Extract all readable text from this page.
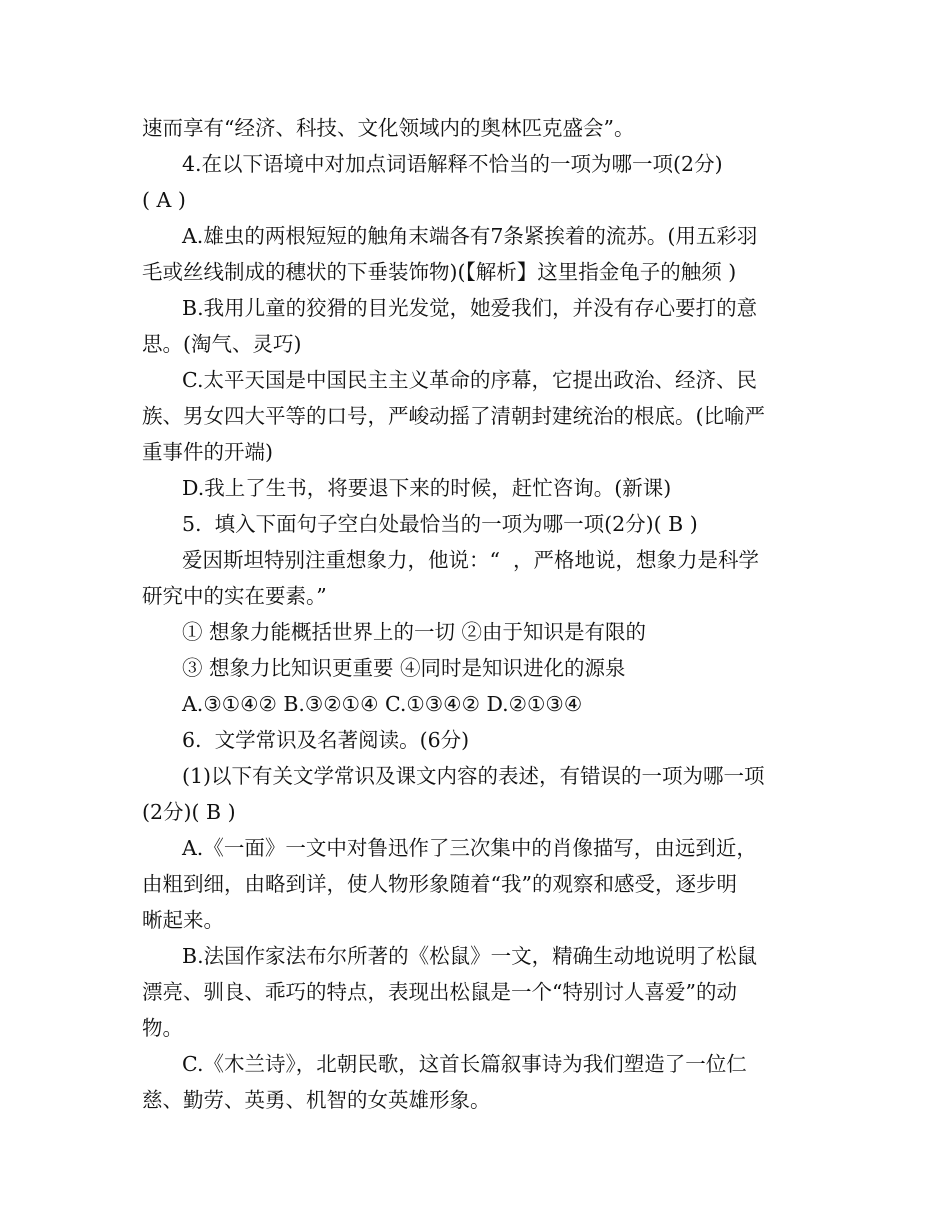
速而享有“经济、科技、文化领域内的奥林匹克盛会”。
4.在以下语境中对加点词语解释不恰当的一项为哪一项(2分)
( A )
A.雄虫的两根短短的触角末端各有7条紧挨着的流苏。(用五彩羽
毛或丝线制成的穗状的下垂装饰物)(【解析】这里指金龟子的触须 )
B.我用儿童的狡猾的目光发觉，她爱我们，并没有存心要打的意
思。(淘气、灵巧)
C.太平天国是中国民主主义革命的序幕，它提出政治、经济、民
族、男女四大平等的口号，严峻动摇了清朝封建统治的根底。(比喻严
重事件的开端)
D.我上了生书，将要退下来的时候，赶忙咨询。(新课)
5.  填入下面句子空白处最恰当的一项为哪一项(2分)( B )
爱因斯坦特别注重想象力，他说：“  ，严格地说，想象力是科学
研究中的实在要素。”
① 想象力能概括世界上的一切 ②由于知识是有限的
③ 想象力比知识更重要 ④同时是知识进化的源泉
A.③①④② B.③②①④ C.①③④② D.②①③④
6.  文学常识及名著阅读。(6分)
(1)以下有关文学常识及课文内容的表述，有错误的一项为哪一项
(2分)( B )
A.《一面》一文中对鲁迅作了三次集中的肖像描写，由远到近，
由粗到细，由略到详，使人物形象随着“我”的观察和感受，逐步明
晰起来。
B.法国作家法布尔所著的《松鼠》一文，精确生动地说明了松鼠
漂亮、驯良、乖巧的特点，表现出松鼠是一个“特别讨人喜爱”的动
物。
C.《木兰诗》，北朝民歌，这首长篇叙事诗为我们塑造了一位仁
慈、勤劳、英勇、机智的女英雄形象。
